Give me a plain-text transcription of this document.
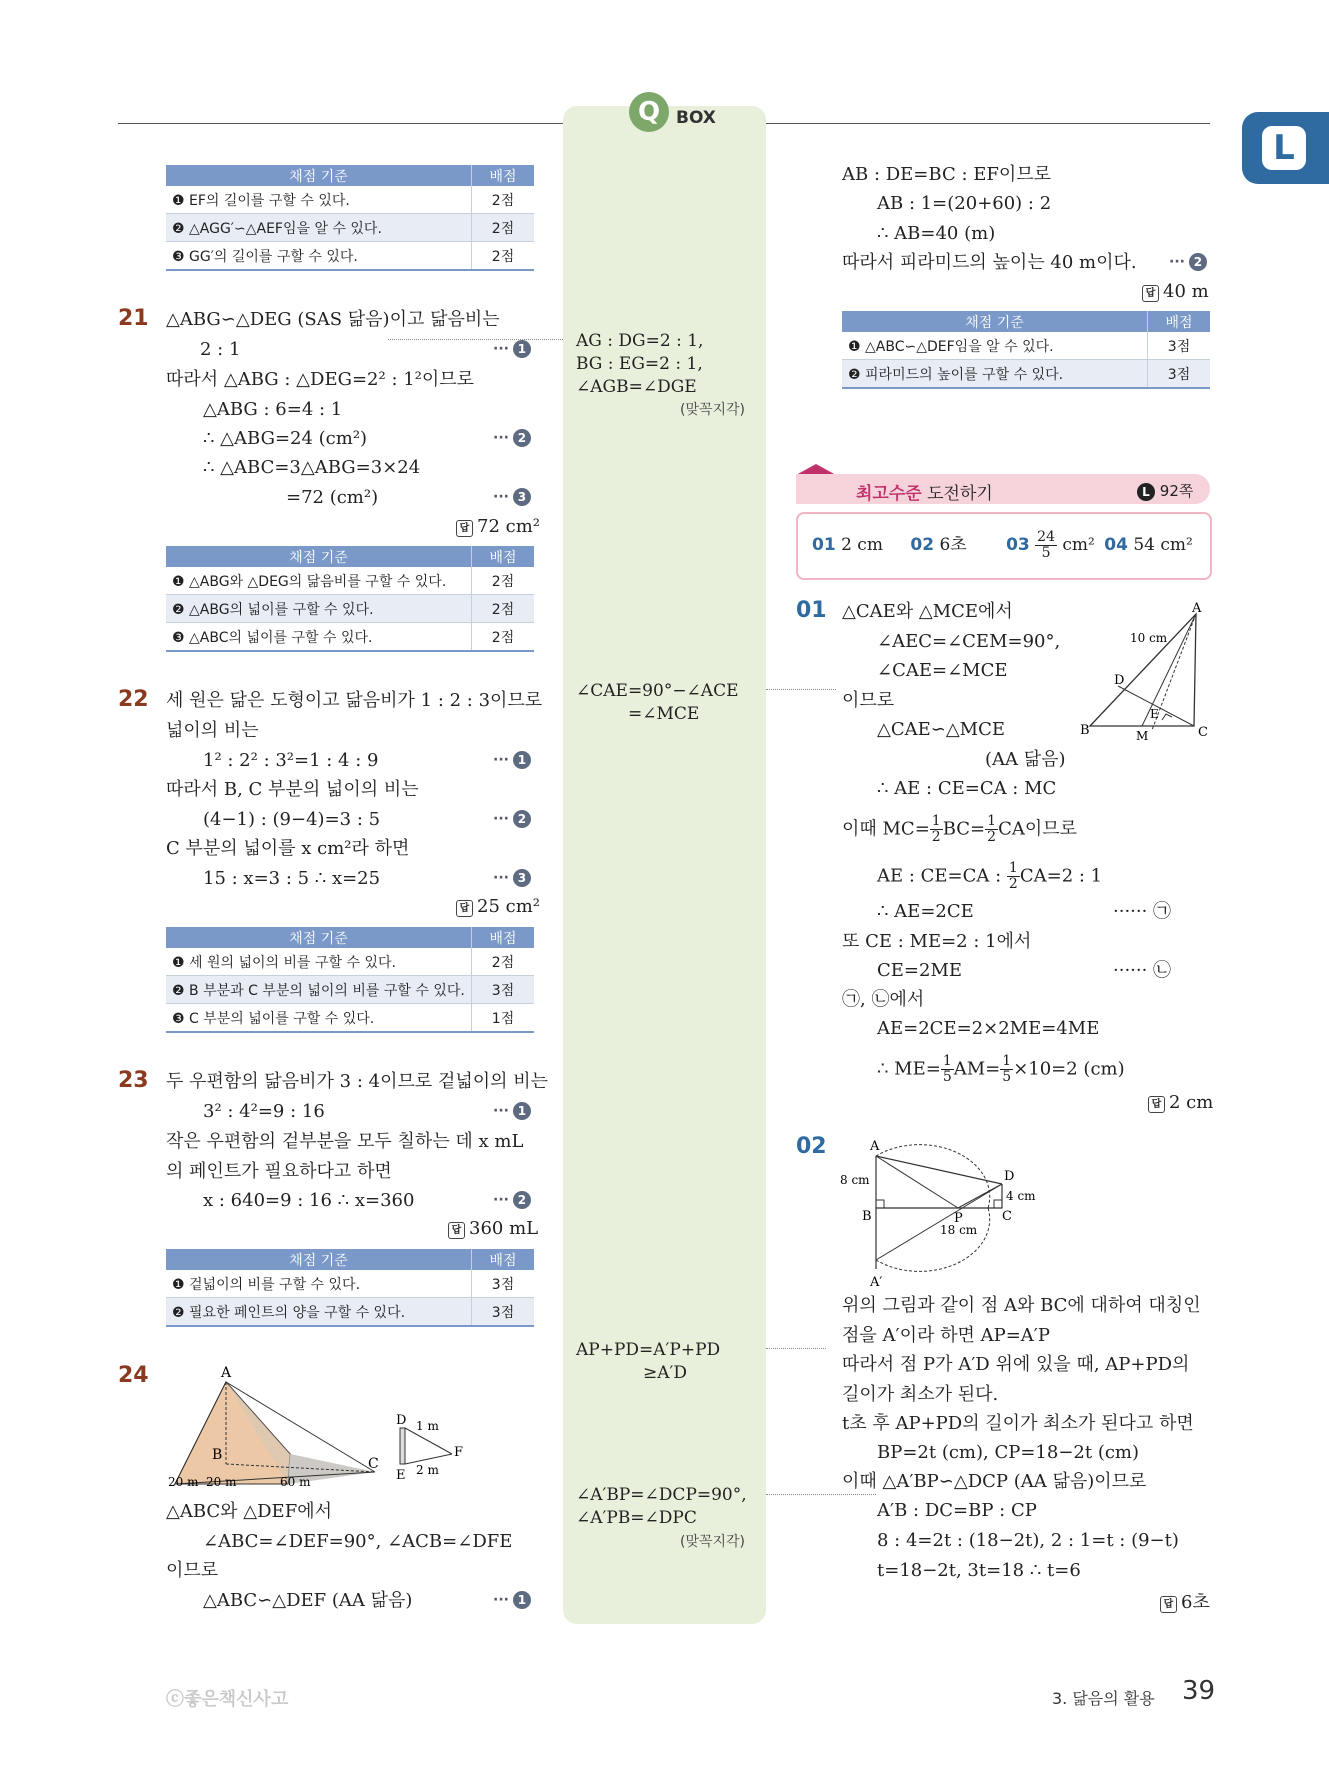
Q BOX
L
채점 기준	배점
❶ EF의 길이를 구할 수 있다.	2점
❷ △AGG′∽△AEF임을 알 수 있다.	2점
❸ GG′의 길이를 구할 수 있다.	2점
21 △ABG∽△DEG (SAS 닮음)이고 닮음비는
2 : 1	··· 1
따라서 △ABG : △DEG=2² : 1²이므로
△ABG : 6=4 : 1
∴ △ABG=24 (cm²)	··· 2
∴ △ABC=3△ABG=3×24
=72 (cm²)	··· 3
답 72 cm²
채점 기준	배점
❶ △ABG와 △DEG의 닮음비를 구할 수 있다.	2점
❷ △ABG의 넓이를 구할 수 있다.	2점
❸ △ABC의 넓이를 구할 수 있다.	2점
22 세 원은 닮은 도형이고 닮음비가 1 : 2 : 3이므로
넓이의 비는
1² : 2² : 3²=1 : 4 : 9	··· 1
따라서 B, C 부분의 넓이의 비는
(4−1) : (9−4)=3 : 5	··· 2
C 부분의 넓이를 x cm²라 하면
15 : x=3 : 5 ∴ x=25	··· 3
답 25 cm²
채점 기준	배점
❶ 세 원의 넓이의 비를 구할 수 있다.	2점
❷ B 부분과 C 부분의 넓이의 비를 구할 수 있다.	3점
❸ C 부분의 넓이를 구할 수 있다.	1점
23 두 우편함의 닮음비가 3 : 4이므로 겉넓이의 비는
3² : 4²=9 : 16	··· 1
작은 우편함의 겉부분을 모두 칠하는 데 x mL
의 페인트가 필요하다고 하면
x : 640=9 : 16 ∴ x=360	··· 2
답 360 mL
채점 기준	배점
❶ 겉넓이의 비를 구할 수 있다.	3점
❷ 필요한 페인트의 양을 구할 수 있다.	3점
24	A
B
C
D
E
F
20 m 20 m	60 m
1 m
2 m
△ABC와 △DEF에서
∠ABC=∠DEF=90°, ∠ACB=∠DFE
이므로
△ABC∽△DEF (AA 닮음)	··· 1
AG : DG=2 : 1,
BG : EG=2 : 1,
∠AGB=∠DGE
(맞꼭지각)
∠CAE=90°−∠ACE
=∠MCE
AP+PD=A′P+PD
≥A′D
∠A′BP=∠DCP=90°,
∠A′PB=∠DPC
(맞꼭지각)
AB : DE=BC : EF이므로
AB : 1=(20+60) : 2
∴ AB=40 (m)
따라서 피라미드의 높이는 40 m이다. ··· 2
답 40 m
채점 기준	배점
❶ △ABC∽△DEF임을 알 수 있다.	3점
❷ 피라미드의 높이를 구할 수 있다.	3점
최고수준 도전하기	L 92쪽
01 2 cm 02 6초 $03 \frac{24}{5} cm^2$ 04 54 cm²
01 △CAE와 △MCE에서
∠AEC=∠CEM=90°,
∠CAE=∠MCE
이므로
△CAE∽△MCE
(AA 닮음)
∴ AE : CE=CA : MC
A
B	C
D
E
M
10 cm
이때 $MC= \frac{1}{2} BC= \frac{1}{2}$ CA이므로
AE : CE=CA : $\frac{1}{2} CA=2$ : 1
∴ AE=2CE	······ ㉠
또 CE : ME=2 : 1에서
CE=2ME	······ ㉡
㉠, ㉡에서
AE=2CE=2×2ME=4ME
∴ $ME= \frac{1}{5} AM= \frac{1}{5} \times 10=2$ (cm)
답 2 cm
02	A
B	C
D
P
A′
8 cm
4 cm
18 cm
위의 그림과 같이 점 A와 BC에 대하여 대칭인
점을 A′이라 하면 AP=A′P
따라서 점 P가 A′D 위에 있을 때, AP+PD의
길이가 최소가 된다.
t초 후 AP+PD의 길이가 최소가 된다고 하면
BP=2t (cm), CP=18−2t (cm)
이때 △A′BP∽△DCP (AA 닮음)이므로
A′B : DC=BP : CP
8 : 4=2t : (18−2t), 2 : 1=t : (9−t)
t=18−2t, 3t=18 ∴ t=6
답 6초
ⓒ좋은책신사고	3. 닮음의 활용 39
